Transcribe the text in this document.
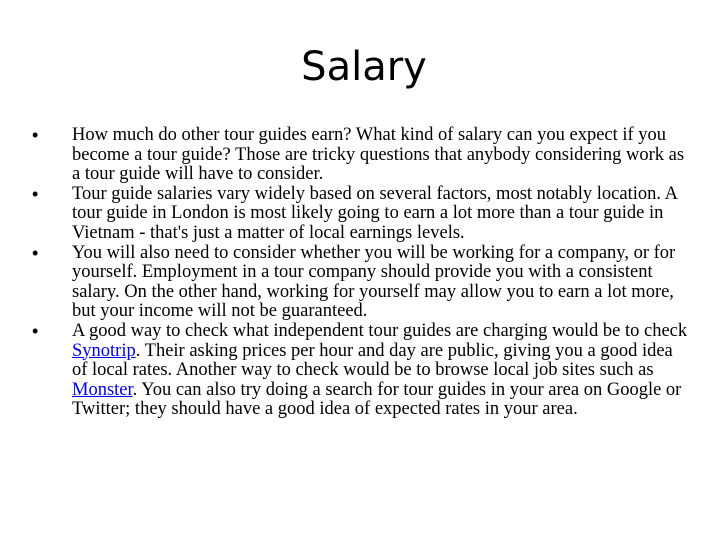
Salary
•	How much do other tour guides earn? What kind of salary can you expect if you become a tour guide? Those are tricky questions that anybody considering work as a tour guide will have to consider.
•	Tour guide salaries vary widely based on several factors, most notably location. A tour guide in London is most likely going to earn a lot more than a tour guide in Vietnam - that's just a matter of local earnings levels.
•	You will also need to consider whether you will be working for a company, or for yourself. Employment in a tour company should provide you with a consistent salary. On the other hand, working for yourself may allow you to earn a lot more, but your income will not be guaranteed.
•	A good way to check what independent tour guides are charging would be to check Synotrip. Their asking prices per hour and day are public, giving you a good idea of local rates. Another way to check would be to browse local job sites such as Monster. You can also try doing a search for tour guides in your area on Google or Twitter; they should have a good idea of expected rates in your area.
